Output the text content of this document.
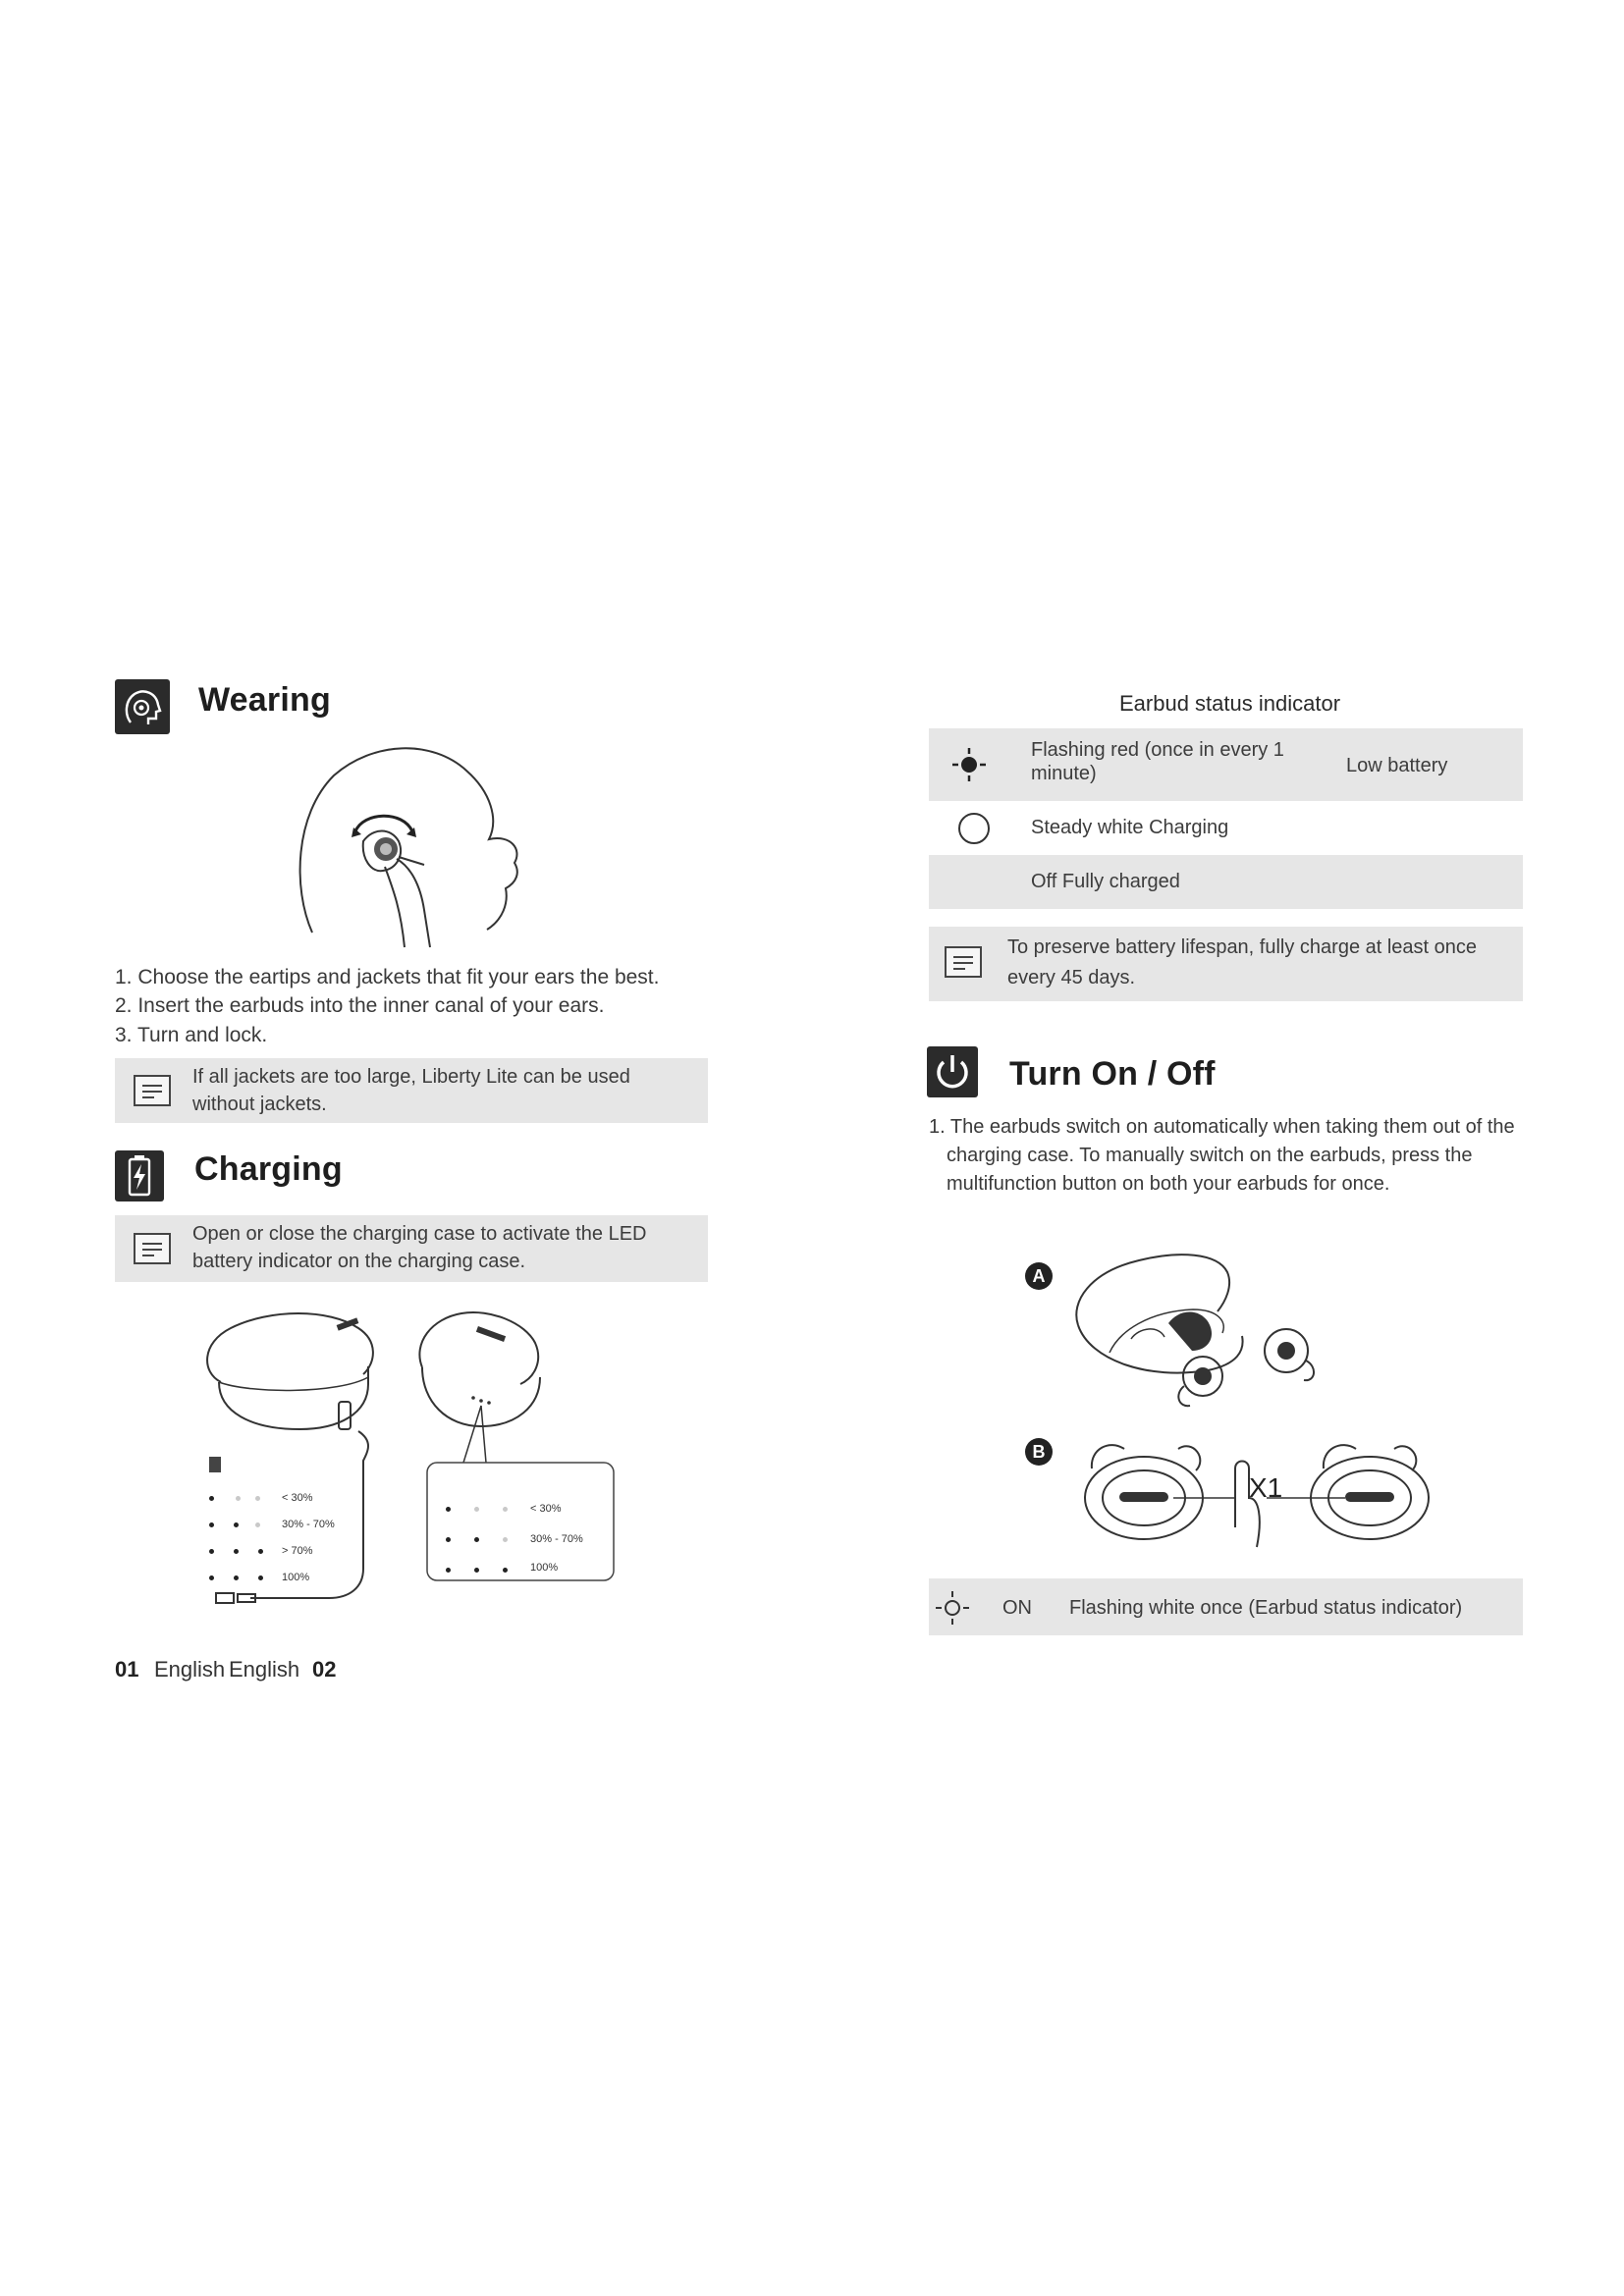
Wearing
1. Choose the eartips and jackets that fit your ears the best.
2. Insert the earbuds into the inner canal of your ears.
3. Turn and lock.
If all jackets are too large, Liberty Lite can be used without jackets.
Charging
Open or close the charging case to activate the LED battery indicator on the charging case.
< 30%
30% - 70%
> 70%
100%
< 30%
30% - 70%
100%
01 English English 02
Earbud status indicator
Flashing red (once in every 1 minute)	Low battery
Steady white Charging
Off Fully charged
To preserve battery lifespan, fully charge at least once every 45 days.
Turn On / Off
1. The earbuds switch on automatically when taking them out of the charging case. To manually switch on the earbuds, press the multifunction button on both your earbuds for once.
A
B
X1
ON Flashing white once (Earbud status indicator)
